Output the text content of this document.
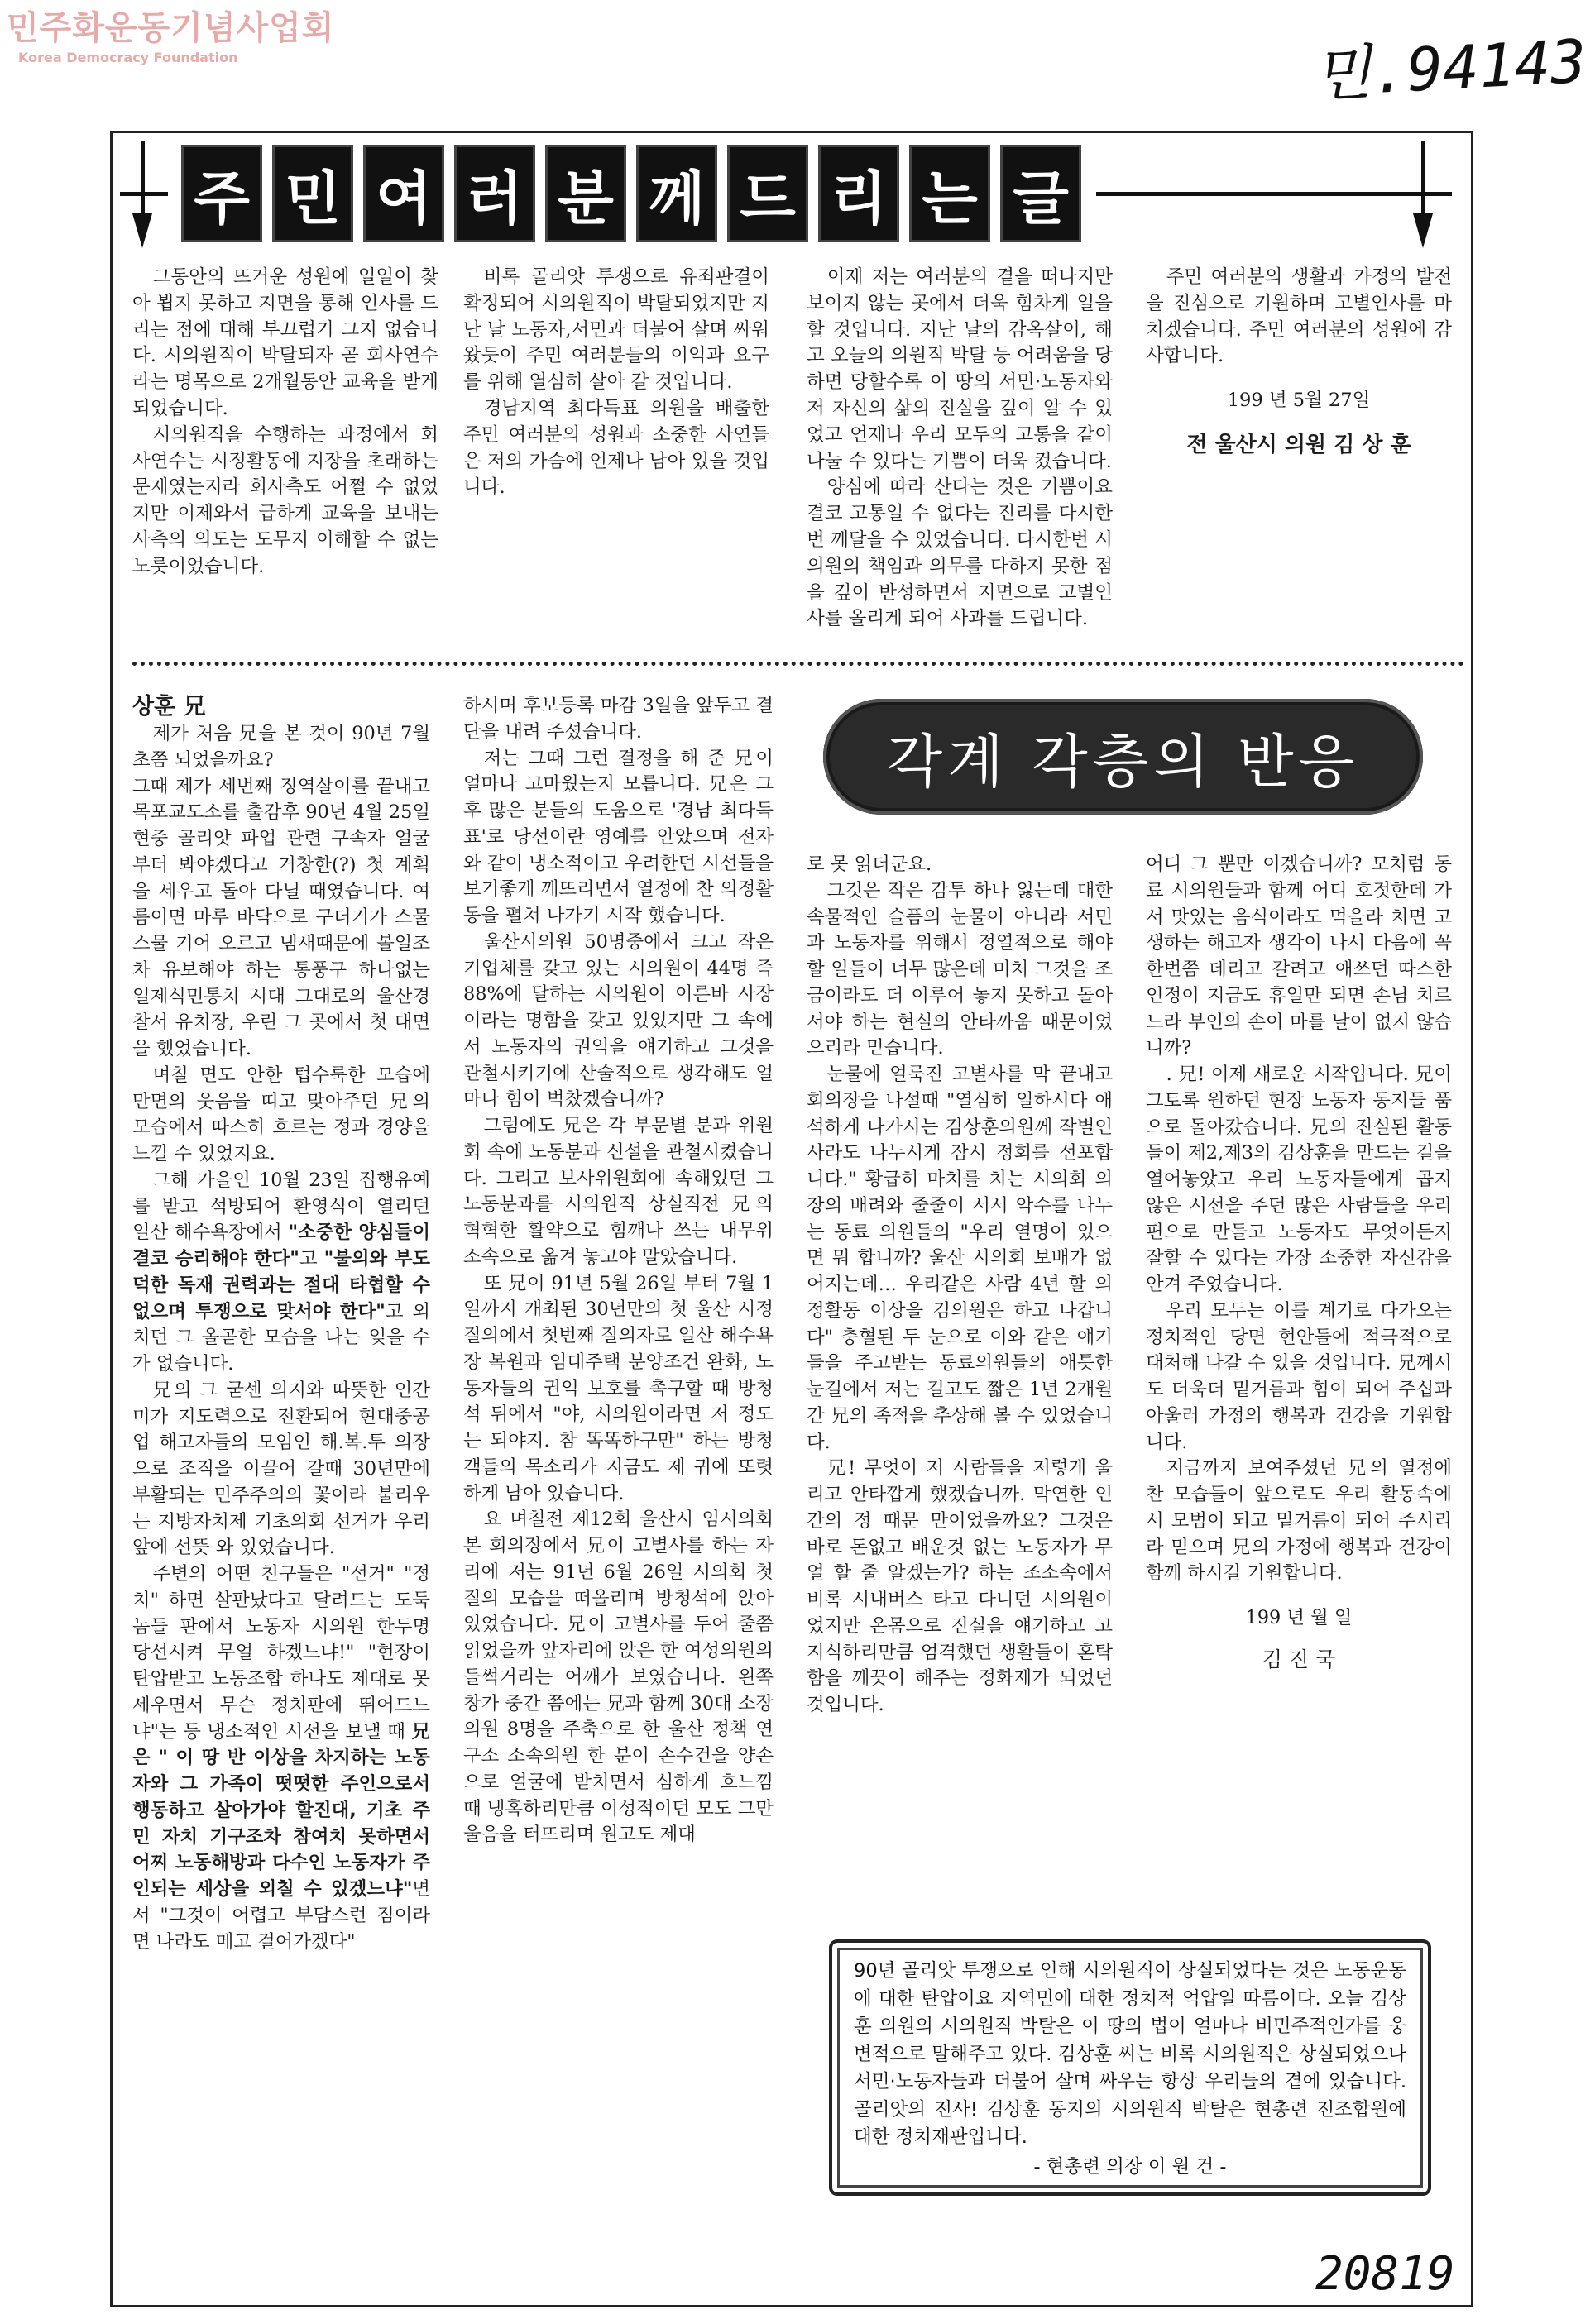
민주화운동기념사업회
Korea Democracy Foundation	민.94143
20819
주 민 여 러 분 께 드 리 는 글

그동안의 뜨거운 성원에 일일이 찾아 뵙지 못하고 지면을 통해 인사를 드리는 점에 대해 부끄럽기 그지 없습니다. 시의원직이 박탈되자 곧 회사연수라는 명목으로 2개월동안 교육을 받게 되었습니다.

시의원직을 수행하는 과정에서 회사연수는 시정활동에 지장을 초래하는 문제였는지라 회사측도 어쩔 수 없었지만 이제와서 급하게 교육을 보내는 사측의 의도는 도무지 이해할 수 없는 노릇이었습니다.

비록 골리앗 투쟁으로 유죄판결이 확정되어 시의원직이 박탈되었지만 지난 날 노동자,서민과 더불어 살며 싸워왔듯이 주민 여러분들의 이익과 요구를 위해 열심히 살아 갈 것입니다.

경남지역 최다득표 의원을 배출한 주민 여러분의 성원과 소중한 사연들은 저의 가슴에 언제나 남아 있을 것입니다.

이제 저는 여러분의 곁을 떠나지만 보이지 않는 곳에서 더욱 힘차게 일을 할 것입니다. 지난 날의 감옥살이, 해고 오늘의 의원직 박탈 등 어려움을 당하면 당할수록 이 땅의 서민·노동자와 저 자신의 삶의 진실을 깊이 알 수 있었고 언제나 우리 모두의 고통을 같이 나눌 수 있다는 기쁨이 더욱 컸습니다.

양심에 따라 산다는 것은 기쁨이요 결코 고통일 수 없다는 진리를 다시한번 깨달을 수 있었습니다. 다시한번 시의원의 책임과 의무를 다하지 못한 점을 깊이 반성하면서 지면으로 고별인사를 올리게 되어 사과를 드립니다.

주민 여러분의 생활과 가정의 발전을 진심으로 기원하며 고별인사를 마치겠습니다. 주민 여러분의 성원에 감사합니다.

199 년 5월 27일

전 울산시 의원 김 상 훈

상훈 兄

제가 처음 兄을 본 것이 90년 7월초쯤 되었을까요?

그때 제가 세번째 징역살이를 끝내고 목포교도소를 출감후 90년 4월 25일 현중 골리앗 파업 관련 구속자 얼굴부터 봐야겠다고 거창한(?) 첫 계획을 세우고 돌아 다닐 때였습니다. 여름이면 마루 바닥으로 구더기가 스물스물 기어 오르고 냄새때문에 볼일조차 유보해야 하는 통풍구 하나없는 일제식민통치 시대 그대로의 울산경찰서 유치장, 우린 그 곳에서 첫 대면을 했었습니다.

며칠 면도 안한 텁수룩한 모습에 만면의 웃음을 띠고 맞아주던 兄의 모습에서 따스히 흐르는 정과 경양을 느낄 수 있었지요.

그해 가을인 10월 23일 집행유예를 받고 석방되어 환영식이 열리던 일산 해수욕장에서 "소중한 양심들이 결코 승리해야 한다"고 "불의와 부도덕한 독재 권력과는 절대 타협할 수 없으며 투쟁으로 맞서야 한다"고 외치던 그 올곧한 모습을 나는 잊을 수가 없습니다.

兄의 그 굳센 의지와 따뜻한 인간미가 지도력으로 전환되어 현대중공업 해고자들의 모임인 해.복.투 의장으로 조직을 이끌어 갈때 30년만에 부활되는 민주주의의 꽃이라 불리우는 지방자치제 기초의회 선거가 우리 앞에 선뜻 와 있었습니다.

주변의 어떤 친구들은 "선거" "정치" 하면 살판났다고 달려드는 도둑놈들 판에서 노동자 시의원 한두명 당선시켜 무얼 하겠느냐!" "현장이 탄압받고 노동조합 하나도 제대로 못세우면서 무슨 정치판에 뛰어드느냐"는 등 냉소적인 시선을 보낼 때 兄은 " 이 땅 반 이상을 차지하는 노동자와 그 가족이 떳떳한 주인으로서 행동하고 살아가야 할진대, 기초 주민 자치 기구조차 참여치 못하면서 어찌 노동해방과 다수인 노동자가 주인되는 세상을 외칠 수 있겠느냐"면서 "그것이 어렵고 부담스런 짐이라면 나라도 메고 걸어가겠다"

하시며 후보등록 마감 3일을 앞두고 결단을 내려 주셨습니다.

저는 그때 그런 결정을 해 준 兄이 얼마나 고마웠는지 모릅니다. 兄은 그후 많은 분들의 도움으로 '경남 최다득표'로 당선이란 영예를 안았으며 전자와 같이 냉소적이고 우려한던 시선들을 보기좋게 깨뜨리면서 열정에 찬 의정활동을 펼쳐 나가기 시작 했습니다.

울산시의원 50명중에서 크고 작은 기업체를 갖고 있는 시의원이 44명 즉 88%에 달하는 시의원이 이른바 사장이라는 명함을 갖고 있었지만 그 속에서 노동자의 권익을 얘기하고 그것을 관철시키기에 산술적으로 생각해도 얼마나 힘이 벅찼겠습니까?

그럼에도 兄은 각 부문별 분과 위원회 속에 노동분과 신설을 관철시켰습니다. 그리고 보사위원회에 속해있던 그 노동분과를 시의원직 상실직전 兄의 혁혁한 활약으로 힘깨나 쓰는 내무위 소속으로 옮겨 놓고야 말았습니다.

또 兄이 91년 5월 26일 부터 7월 1일까지 개최된 30년만의 첫 울산 시정 질의에서 첫번째 질의자로 일산 해수욕장 복원과 임대주택 분양조건 완화, 노동자들의 권익 보호를 촉구할 때 방청석 뒤에서 "야, 시의원이라면 저 정도는 되야지. 참 똑똑하구만" 하는 방청객들의 목소리가 지금도 제 귀에 또렷하게 남아 있습니다.

요 며칠전 제12회 울산시 임시의회 본 회의장에서 兄이 고별사를 하는 자리에 저는 91년 6월 26일 시의회 첫 질의 모습을 떠올리며 방청석에 앉아 있었습니다. 兄이 고별사를 두어 줄쯤 읽었을까 앞자리에 앉은 한 여성의원의 들썩거리는 어깨가 보였습니다. 왼쪽 창가 중간 쯤에는 兄과 함께 30대 소장의원 8명을 주축으로 한 울산 정책 연구소 소속의원 한 분이 손수건을 양손으로 얼굴에 받치면서 심하게 흐느낌 때 냉혹하리만큼 이성적이던 모도 그만 울음을 터뜨리며 원고도 제대

각계 각층의 반응

로 못 읽더군요.

그것은 작은 감투 하나 잃는데 대한 속물적인 슬픔의 눈물이 아니라 서민과 노동자를 위해서 정열적으로 해야 할 일들이 너무 많은데 미처 그것을 조금이라도 더 이루어 놓지 못하고 돌아서야 하는 현실의 안타까움 때문이었으리라 믿습니다.

눈물에 얼룩진 고별사를 막 끝내고 회의장을 나설때 "열심히 일하시다 애석하게 나가시는 김상훈의원께 작별인사라도 나누시게 잠시 정회를 선포합니다." 황급히 마치를 치는 시의회 의장의 배려와 줄줄이 서서 악수를 나누는 동료 의원들의 "우리 열명이 있으면 뭐 합니까? 울산 시의회 보배가 없어지는데… 우리같은 사람 4년 할 의정활동 이상을 김의원은 하고 나갑니다" 충혈된 두 눈으로 이와 같은 얘기들을 주고받는 동료의원들의 애틋한 눈길에서 저는 길고도 짧은 1년 2개월간 兄의 족적을 추상해 볼 수 있었습니다.

兄! 무엇이 저 사람들을 저렇게 울리고 안타깝게 했겠습니까. 막연한 인간의 정 때문 만이었을까요? 그것은 바로 돈없고 배운것 없는 노동자가 무얼 할 줄 알겠는가? 하는 조소속에서 비록 시내버스 타고 다니던 시의원이었지만 온몸으로 진실을 얘기하고 고지식하리만큼 엄격했던 생활들이 혼탁함을 깨끗이 해주는 정화제가 되었던 것입니다.

어디 그 뿐만 이겠습니까? 모처럼 동료 시의원들과 함께 어디 호젓한데 가서 맛있는 음식이라도 먹을라 치면 고생하는 해고자 생각이 나서 다음에 꼭 한번쯤 데리고 갈려고 애쓰던 따스한 인정이 지금도 휴일만 되면 손님 치르느라 부인의 손이 마를 날이 없지 않습니까?

. 兄! 이제 새로운 시작입니다. 兄이 그토록 원하던 현장 노동자 동지들 품으로 돌아갔습니다. 兄의 진실된 활동들이 제2,제3의 김상훈을 만드는 길을 열어놓았고 우리 노동자들에게 곱지 않은 시선을 주던 많은 사람들을 우리 편으로 만들고 노동자도 무엇이든지 잘할 수 있다는 가장 소중한 자신감을 안겨 주었습니다.

우리 모두는 이를 계기로 다가오는 정치적인 당면 현안들에 적극적으로 대처해 나갈 수 있을 것입니다. 兄께서도 더욱더 밑거름과 힘이 되어 주십과 아울러 가정의 행복과 건강을 기원합니다.

지금까지 보여주셨던 兄의 열정에 찬 모습들이 앞으로도 우리 활동속에서 모범이 되고 밑거름이 되어 주시리라 믿으며 兄의 가정에 행복과 건강이 함께 하시길 기원합니다.

199 년 월 일

김 진 국

90년 골리앗 투쟁으로 인해 시의원직이 상실되었다는 것은 노동운동에 대한 탄압이요 지역민에 대한 정치적 억압일 따름이다. 오늘 김상훈 의원의 시의원직 박탈은 이 땅의 법이 얼마나 비민주적인가를 웅변적으로 말해주고 있다. 김상훈 씨는 비록 시의원직은 상실되었으나 서민·노동자들과 더불어 살며 싸우는 항상 우리들의 곁에 있습니다. 골리앗의 전사! 김상훈 동지의 시의원직 박탈은 현총련 전조합원에 대한 정치재판입니다.
- 현총련 의장 이 원 건 -
